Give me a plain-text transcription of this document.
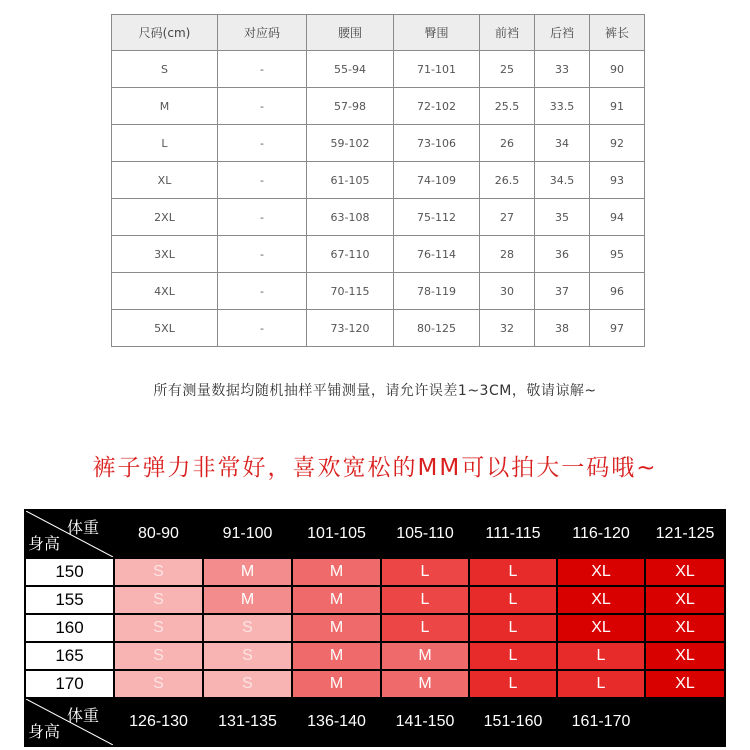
尺码(cm)	对应码	腰围	臀围	前裆	后裆	裤长
S	-	55-94	71-101	25	33	90
M	-	57-98	72-102	25.5	33.5	91
L	-	59-102	73-106	26	34	92
XL	-	61-105	74-109	26.5	34.5	93
2XL	-	63-108	75-112	27	35	94
3XL	-	67-110	76-114	28	36	95
4XL	-	70-115	78-119	30	37	96
5XL	-	73-120	80-125	32	38	97
所有测量数据均随机抽样平铺测量，请允许误差1~3CM，敬请谅解~
裤子弹力非常好，喜欢宽松的MM可以拍大一码哦~
体重
身高	80-90	91-100	101-105	105-110	111-115	116-120	121-125
150	S	M	M	L	L	XL	XL
155	S	M	M	L	L	XL	XL
160	S	S	M	L	L	XL	XL
165	S	S	M	M	L	L	XL
170	S	S	M	M	L	L	XL

体重
身高	126-130	131-135	136-140	141-150	151-160	161-170	
